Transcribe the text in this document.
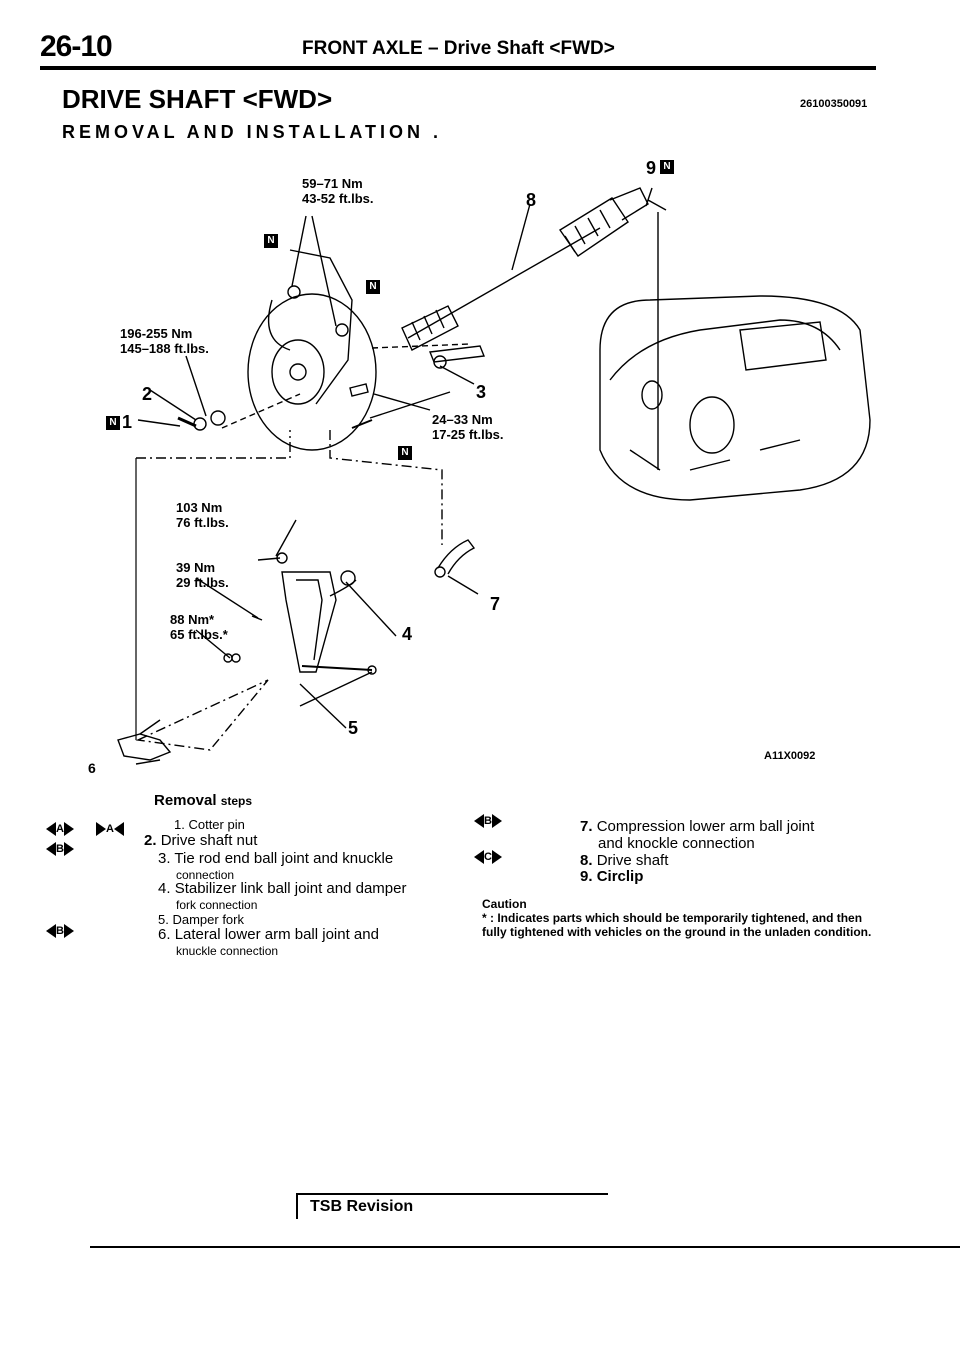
26-10	FRONT AXLE – Drive Shaft <FWD>
DRIVE SHAFT <FWD>
REMOVAL AND INSTALLATION .
26100350091
59–71 Nm
43-52 ft.lbs.
196-255 Nm
145–188 ft.lbs.
24–33 Nm
17-25 ft.lbs.
103 Nm
76 ft.lbs.
39 Nm
29 ft.lbs.
88 Nm*
65 ft.lbs.*
N
N
N
N
N
1
2	3
4
5
6
7
8
9
A11X0092
Removal steps
A	A
B
B
1. Cotter pin
2. Drive shaft nut
3. Tie rod end ball joint and knuckle
connection
4. Stabilizer link ball joint and damper
fork connection
5. Damper fork
6. Lateral lower arm ball joint and
knuckle connection
B
C
7. Compression lower arm ball joint
and knockle connection
8. Drive shaft
9. Circlip
Caution
* : Indicates parts which should be temporarily tightened, and then fully tightened with vehicles on the ground in the unladen condition.
TSB Revision
